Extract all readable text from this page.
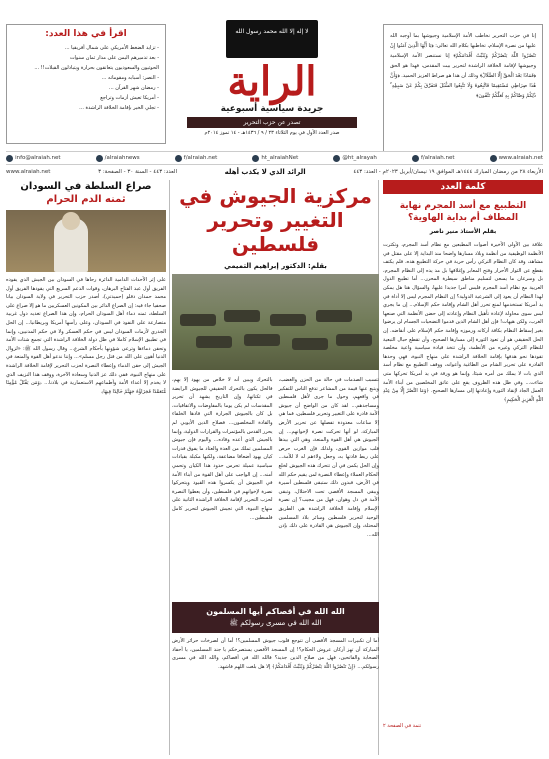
اقرأ في هذا العدد:
- تزايد الضغط الأمريكي على شمال أفريقيا ...
- بعد تدميرهم اليمن على مدار ثمان سنوات
الحوثيون والسعوديون يتعانقون بحرارة ويتبادلون القبلات!! ...
- النصر: أسبابه ومقوماته ...
- رمضان شهر القرآن ...
- أمريكا تعيش أزمات وتراجع
- تجلي الخير بإقامة الخلافة الراشدة ...
لا إله إلا الله محمد رسول الله
الراية
جريدة سياسية أسبوعية
تصدر عن حزب التحرير
صدر العدد الأول في يوم الثلاثاء ٢٣ / ٩ / ١٤٣٦هـ - ١٤ تموز ٢٠١٤م

إنا في حزب التحرير نخاطب الأمة الإسلامية وجيوشها بما أوجبه الله عليها من نصرة الإسلام، تخاطبها بكلام الله تعالى: ﴿يَا أَيُّهَا الَّذِينَ آمَنُوا إِنْ تَنْصُرُوا اللَّهَ يَنْصُرْكُمْ وَيُثَبِّتْ أَقْدَامَكُمْ﴾ إنا نستنصر الأمة الإسلامية وجيوشها لإقامة الخلافة الراشدة لتحرير بيت المقدس، فهذا هو الحق ﴿فَمَاذَا بَعْدَ الْحَقِّ إِلَّا الضَّلَالُ﴾ وذلك أن هذا هو صراط العزيز الحميد. ﴿وَأَنَّ هَٰذَا صِرَاطِي مُسْتَقِيمًا فَاتَّبِعُوهُ وَلَا تَتَّبِعُوا السُّبُلَ فَتَفَرَّقَ بِكُمْ عَنْ سَبِيلِهِ ۚ ذَٰلِكُمْ وَصَّاكُمْ بِهِ لَعَلَّكُمْ تَتَّقُونَ﴾

www.alraiah.net
f/alraiah.net
@ht_alrayah
ht_alraiahNet
f/alraiah.net
/alraiahnews
info@alraiah.net
الأربعاء ٢٨ من رمضان المبارك ١٤٤٤هـ الموافق ١٩ نيسان/أبريل ٢٠٢٣م - العدد: ٤٤٣
الرائد الذي لا يكذب أهله
العدد: ٤٤٣ - السنة ٣٠ - الصفحة: ٣
www.alraiah.net
كلمة العدد
التطبيع مع أسد المجرم نهاية المطاف أم بداية الهاوية؟
بقلم الأستاذ منير ناصر
علاقة بين الأولى الأخيرة أصوات المطبعين مع نظام أسد المجرم، وتكثرت الأنظمة الوظيفية من أنظمة وبلاد مسارها واضحا منذ البداية إلا على مقتل في مشاهد، وقد كان النظام التركي رأس حربة في حركة التطبيع هذه، فلم يكتف بقطع عن الثوار الأحرار وفتح المعابر وإغلاقها بل مد يده إلى النظام المجرم، بل وسرعان ما يسعى لتسليم مناطق سيطرة المحرر... أما تطبيع الدول العربية مع نظام أسد المجرم فليس أمرا جديدا عليها، والسؤال هنا هل يمكن لهذا النظام أن يعود إلى الشرعية الدولية؟ إن النظام المجرم ليس إلا أداة في يد أمريكا تستخدمها لمنع تحرر أهل الشام وإقامة حكم الإسلام... إن ما يجري ليس سوى محاولة لإعادة تأهيل النظام وإعادته إلى حضن الأنظمة التي صنعها الغرب، ولكن هيهات! فإن أهل الشام الذين قدموا التضحيات الجسام لن يرضوا بغير إسقاط النظام بكافة أركانه ورموزه وإقامة حكم الإسلام على أنقاضه. إن الحل الحقيقي هو أن تعود الثورة إلى مسارها الصحيح، وأن تقطع حبال التبعية للنظام التركي وغيره من الأنظمة، وأن تتخذ قيادة سياسية واعية مخلصة تقودها نحو هدفها بإقامة الخلافة الراشدة على منهاج النبوة، فهي وحدها القادرة على تحرير الشام من الطاغية وأعوانه، ووقف التطبيع مع نظام أسد الذي بات لا يملك من أمره شيئا، وإنما هو ورقة في يد أمريكا تحركها متى شاءت... وفي ظل هذه الظروف يقع على عاتق المخلصين من أبناء الأمة العمل الجاد لإنقاذ الثورة وإعادتها إلى مسارها الصحيح. ﴿وَمَا النَّصْرُ إِلَّا مِنْ عِنْدِ اللَّهِ الْعَزِيزِ الْحَكِيمِ﴾
تتمة في الصفحة ٢
مركزية الجيوش في التغيير وتحرير فلسطين
بقلم: الدكتور إبراهيم التميمي
تتسبب الصدمات في حالة من الحزن والغضب، ويتبع عنها قيمة من المشاعر تدفع الناس للتفكير في واقعهم، وحول ما جرى لأهل فلسطين ومساجدهم... لقد كان من الواضح أن جيوش الأمة قادرة على التغيير وتحرير فلسطين، فما هي إلا ساعات معدودة تفصلها عن تحرير الأرض المباركة، لو أنها تحركت نصرة لإخوانهم... إن الجيوش هي أهل القوة والمنعة، وهي التي بيدها قلب موازين القوى، ولذلك فإن الغرب حرص على ربط قادتها به، وجعل ولاءهم له لا للأمة... وإن الحل يكمن في أن تتحرك هذه الجيوش لخلع الحكام العملاء وإعطاء النصرة لمن يقيم حكم الله في الأرض، فبدون ذلك ستبقى فلسطين أسيرة ويبقى المسجد الأقصى تحت الاحتلال، وتبقى الأمة في ذل وهوان، فهل من مجيب؟ إن نصرة الإسلام وإقامة الخلافة الراشدة هي الطريق الوحيد لتحرير فلسطين وسائر بلاد المسلمين المحتلة، وإن الجيوش هي القادرة على ذلك بإذن الله...
بالتحرك ويبين أنه لا خلاص من يهود إلا بهم، فالحل يكون بالتحرك الحقيقي للجيوش الرابضة في ثكناتها، وإن التاريخ يشهد أن تحرير المقدسات لم يكن يوما بالمفاوضات والاتفاقيات، بل كان بالجيوش الجرارة التي قادها الخلفاء والقادة المخلصون... فصلاح الدين الأيوبي لم يحرر القدس بالمؤتمرات والقرارات الدولية، وإنما بالجيش الذي أعده وقاده... واليوم فإن جيوش المسلمين تملك من العدة والعتاد ما يفوق قدرات كيان يهود أضعافا مضاعفة، ولكنها مكبلة بقيادات سياسية عميلة تحرس حدود هذا الكيان وتحمي أمنه... إن الواجب على أهل القوة من أبناء الأمة في الجيوش أن يكسروا هذه القيود ويتحركوا نصرة لإخوانهم في فلسطين، وأن يعطوا النصرة لحزب التحرير لإقامة الخلافة الراشدة الثانية على منهاج النبوة، التي تجيش الجيوش لتحرير كامل فلسطين...
الله الله في أقصاكم أيها المسلمون
الله الله في مسرى رسولكم ﷺ
أما أن تكبيرات المسجد الأقصى أن تتوجع قلوب جيوش المسلمين؟! أما أن لصرخات حرائر الأرض المباركة أن تهز أركان عروش الحكام؟! إن المسجد الأقصى يستصرخكم يا جند المسلمين، يا أحفاد الصحابة والفاتحين، فهل من صلاح الدين جديد؟ فالله الله في أقصاكم، والله الله في مسرى رسولكم... ﴿إِنْ تَنْصُرُوا اللَّهَ يَنْصُرْكُمْ وَيُثَبِّتْ أَقْدَامَكُمْ﴾ إلا هل بلغت اللهم فاشهد.
صراع السلطة في السودان
ثمنه الدم الحرام
على إثر الأحداث الدامية الدائرة رحاها في السودان بين الجيش الذي يقوده الفريق أول عبد الفتاح البرهان، وقوات الدعم السريع التي يقودها الفريق أول محمد حمدان دقلو (حميدتي)، أصدر حزب التحرير في ولاية السودان بيانا صحفيا جاء فيه: إن الصراع الدائر بين المكونين العسكريين ما هو إلا صراع على السلطة، ثمنه دماء أهل السودان الحرام، وإن هذا الصراع تغذيه دول غربية متصارعة على النفوذ في السودان، وعلى رأسها أمريكا وبريطانيا... إن الحل الجذري لأزمات السودان ليس في حكم العسكر ولا في حكم المدنيين، وإنما في تطبيق الإسلام كاملا في ظل دولة الخلافة الراشدة التي تجمع شتات الأمة وتحقن دماءها وترعى شؤونها بأحكام الشرع... وقال رسول الله ﷺ: «لزوال الدنيا أهون على الله من قتل رجل مسلم»... وإننا ندعو أهل القوة والمنعة في الجيش إلى حقن الدماء وإعطاء النصرة لحزب التحرير لإقامة الخلافة الراشدة على منهاج النبوة، ففي ذلك عز الدنيا وسعادة الآخرة، ووقف هذا النزيف الذي لا يخدم إلا أعداء الأمة وأطماعهم الاستعمارية في بلادنا... ﴿وَمَن يَقْتُلْ مُؤْمِنًا مُّتَعَمِّدًا فَجَزَاؤُهُ جَهَنَّمُ خَالِدًا فِيهَا﴾
